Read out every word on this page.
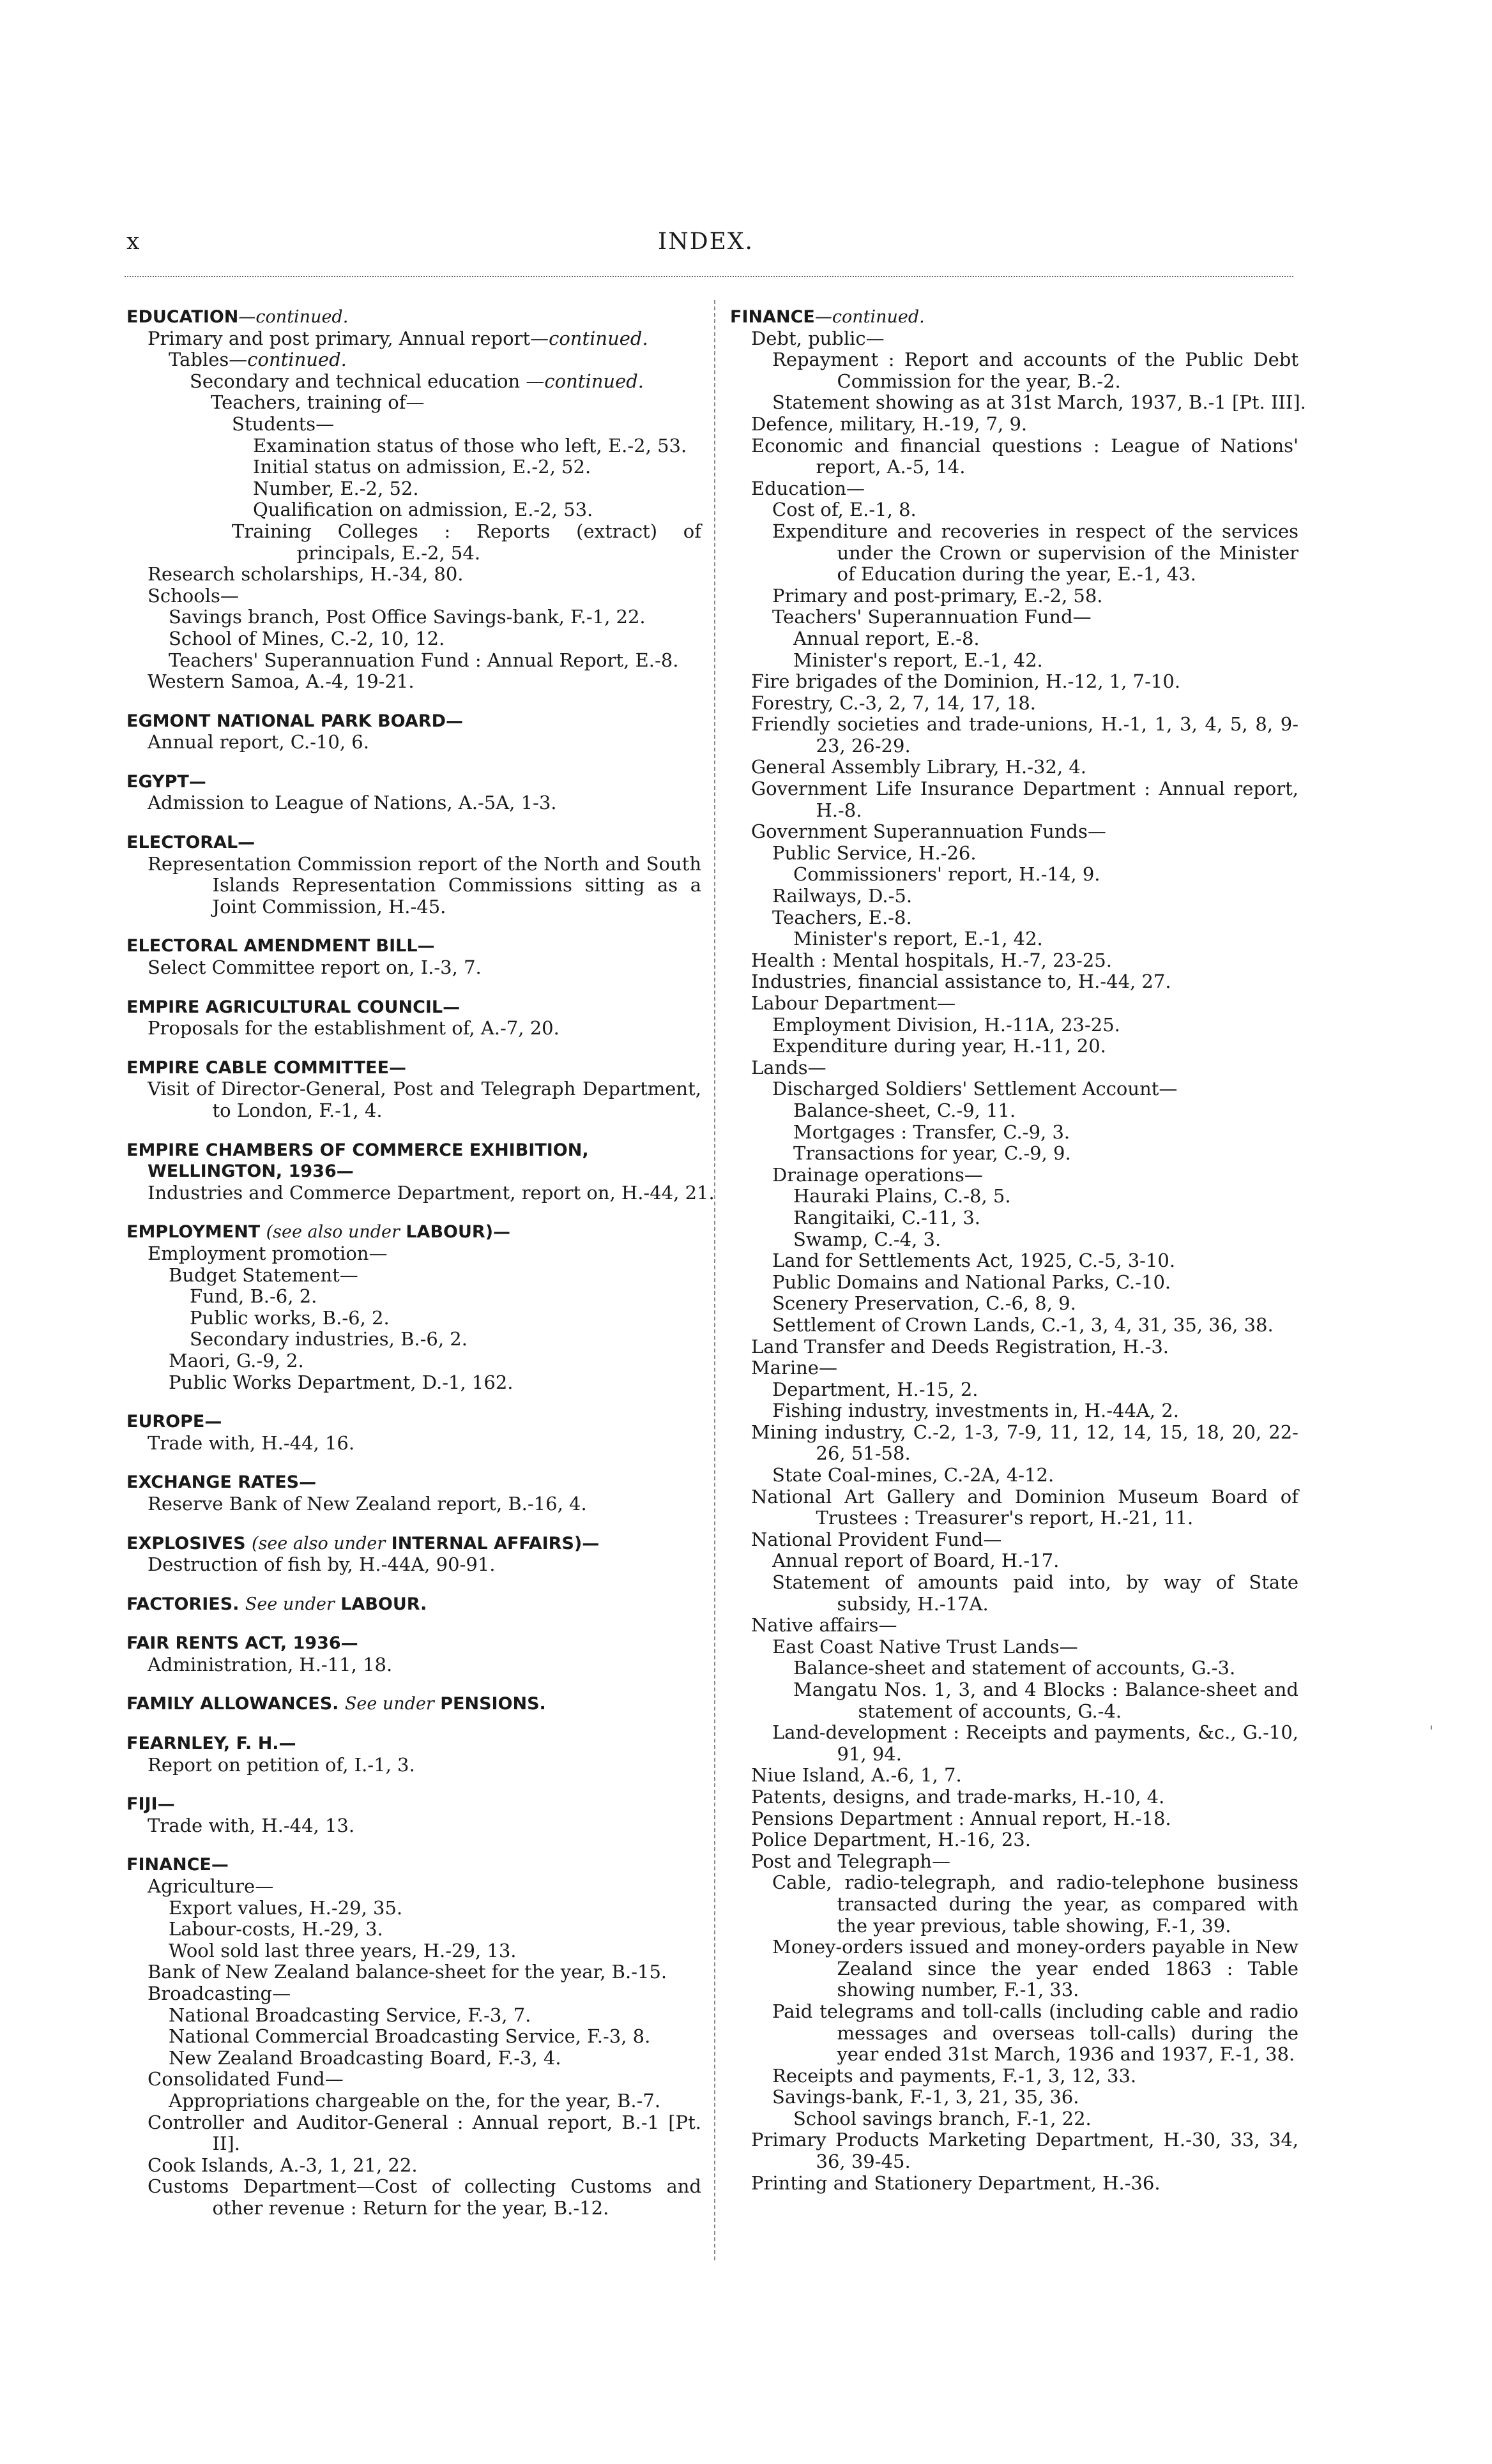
x	INDEX.
EDUCATION—continued.
Primary and post primary, Annual report—continued.
Tables—continued.
Secondary and technical education —continued.
Teachers, training of—
Students—
Examination status of those who left, E.-2, 53.
Initial status on admission, E.-2, 52.
Number, E.-2, 52.
Qualification on admission, E.-2, 53.
Training Colleges : Reports (extract) of principals, E.-2, 54.
Research scholarships, H.-34, 80.
Schools—
Savings branch, Post Office Savings-bank, F.-1, 22.
School of Mines, C.-2, 10, 12.
Teachers' Superannuation Fund : Annual Report, E.-8.
Western Samoa, A.-4, 19-21.
EGMONT NATIONAL PARK BOARD—
Annual report, C.-10, 6.
EGYPT—
Admission to League of Nations, A.-5A, 1-3.
ELECTORAL—
Representation Commission report of the North and South Islands Representation Commissions sitting as a Joint Commission, H.-45.
ELECTORAL AMENDMENT BILL—
Select Committee report on, I.-3, 7.
EMPIRE AGRICULTURAL COUNCIL—
Proposals for the establishment of, A.-7, 20.
EMPIRE CABLE COMMITTEE—
Visit of Director-General, Post and Telegraph Department, to London, F.-1, 4.
EMPIRE CHAMBERS OF COMMERCE EXHIBITION,
WELLINGTON, 1936—
Industries and Commerce Department, report on, H.-44, 21.
EMPLOYMENT (see also under LABOUR)—
Employment promotion—
Budget Statement—
Fund, B.-6, 2.
Public works, B.-6, 2.
Secondary industries, B.-6, 2.
Maori, G.-9, 2.
Public Works Department, D.-1, 162.
EUROPE—
Trade with, H.-44, 16.
EXCHANGE RATES—
Reserve Bank of New Zealand report, B.-16, 4.
EXPLOSIVES (see also under INTERNAL AFFAIRS)—
Destruction of fish by, H.-44A, 90-91.
FACTORIES. See under LABOUR.
FAIR RENTS ACT, 1936—
Administration, H.-11, 18.
FAMILY ALLOWANCES. See under PENSIONS.
FEARNLEY, F. H.—
Report on petition of, I.-1, 3.
FIJI—
Trade with, H.-44, 13.
FINANCE—
Agriculture—
Export values, H.-29, 35.
Labour-costs, H.-29, 3.
Wool sold last three years, H.-29, 13.
Bank of New Zealand balance-sheet for the year, B.-15.
Broadcasting—
National Broadcasting Service, F.-3, 7.
National Commercial Broadcasting Service, F.-3, 8.
New Zealand Broadcasting Board, F.-3, 4.
Consolidated Fund—
Appropriations chargeable on the, for the year, B.-7.
Controller and Auditor-General : Annual report, B.-1 [Pt. II].
Cook Islands, A.-3, 1, 21, 22.
Customs Department—Cost of collecting Customs and other revenue : Return for the year, B.-12.
FINANCE—continued.
Debt, public—
Repayment : Report and accounts of the Public Debt Commission for the year, B.-2.
Statement showing as at 31st March, 1937, B.-1 [Pt. III].
Defence, military, H.-19, 7, 9.
Economic and financial questions : League of Nations' report, A.-5, 14.
Education—
Cost of, E.-1, 8.
Expenditure and recoveries in respect of the services under the Crown or supervision of the Minister of Education during the year, E.-1, 43.
Primary and post-primary, E.-2, 58.
Teachers' Superannuation Fund—
Annual report, E.-8.
Minister's report, E.-1, 42.
Fire brigades of the Dominion, H.-12, 1, 7-10.
Forestry, C.-3, 2, 7, 14, 17, 18.
Friendly societies and trade-unions, H.-1, 1, 3, 4, 5, 8, 9-23, 26-29.
General Assembly Library, H.-32, 4.
Government Life Insurance Department : Annual report, H.-8.
Government Superannuation Funds—
Public Service, H.-26.
Commissioners' report, H.-14, 9.
Railways, D.-5.
Teachers, E.-8.
Minister's report, E.-1, 42.
Health : Mental hospitals, H.-7, 23-25.
Industries, financial assistance to, H.-44, 27.
Labour Department—
Employment Division, H.-11A, 23-25.
Expenditure during year, H.-11, 20.
Lands—
Discharged Soldiers' Settlement Account—
Balance-sheet, C.-9, 11.
Mortgages : Transfer, C.-9, 3.
Transactions for year, C.-9, 9.
Drainage operations—
Hauraki Plains, C.-8, 5.
Rangitaiki, C.-11, 3.
Swamp, C.-4, 3.
Land for Settlements Act, 1925, C.-5, 3-10.
Public Domains and National Parks, C.-10.
Scenery Preservation, C.-6, 8, 9.
Settlement of Crown Lands, C.-1, 3, 4, 31, 35, 36, 38.
Land Transfer and Deeds Registration, H.-3.
Marine—
Department, H.-15, 2.
Fishing industry, investments in, H.-44A, 2.
Mining industry, C.-2, 1-3, 7-9, 11, 12, 14, 15, 18, 20, 22-26, 51-58.
State Coal-mines, C.-2A, 4-12.
National Art Gallery and Dominion Museum Board of Trustees : Treasurer's report, H.-21, 11.
National Provident Fund—
Annual report of Board, H.-17.
Statement of amounts paid into, by way of State subsidy, H.-17A.
Native affairs—
East Coast Native Trust Lands—
Balance-sheet and statement of accounts, G.-3.
Mangatu Nos. 1, 3, and 4 Blocks : Balance-sheet and statement of accounts, G.-4.
Land-development : Receipts and payments, &c., G.-10, 91, 94.
Niue Island, A.-6, 1, 7.
Patents, designs, and trade-marks, H.-10, 4.
Pensions Department : Annual report, H.-18.
Police Department, H.-16, 23.
Post and Telegraph—
Cable, radio-telegraph, and radio-telephone business transacted during the year, as compared with the year previous, table showing, F.-1, 39.
Money-orders issued and money-orders payable in New Zealand since the year ended 1863 : Table showing number, F.-1, 33.
Paid telegrams and toll-calls (including cable and radio messages and overseas toll-calls) during the year ended 31st March, 1936 and 1937, F.-1, 38.
Receipts and payments, F.-1, 3, 12, 33.
Savings-bank, F.-1, 3, 21, 35, 36.
School savings branch, F.-1, 22.
Primary Products Marketing Department, H.-30, 33, 34, 36, 39-45.
Printing and Stationery Department, H.-36.
'
